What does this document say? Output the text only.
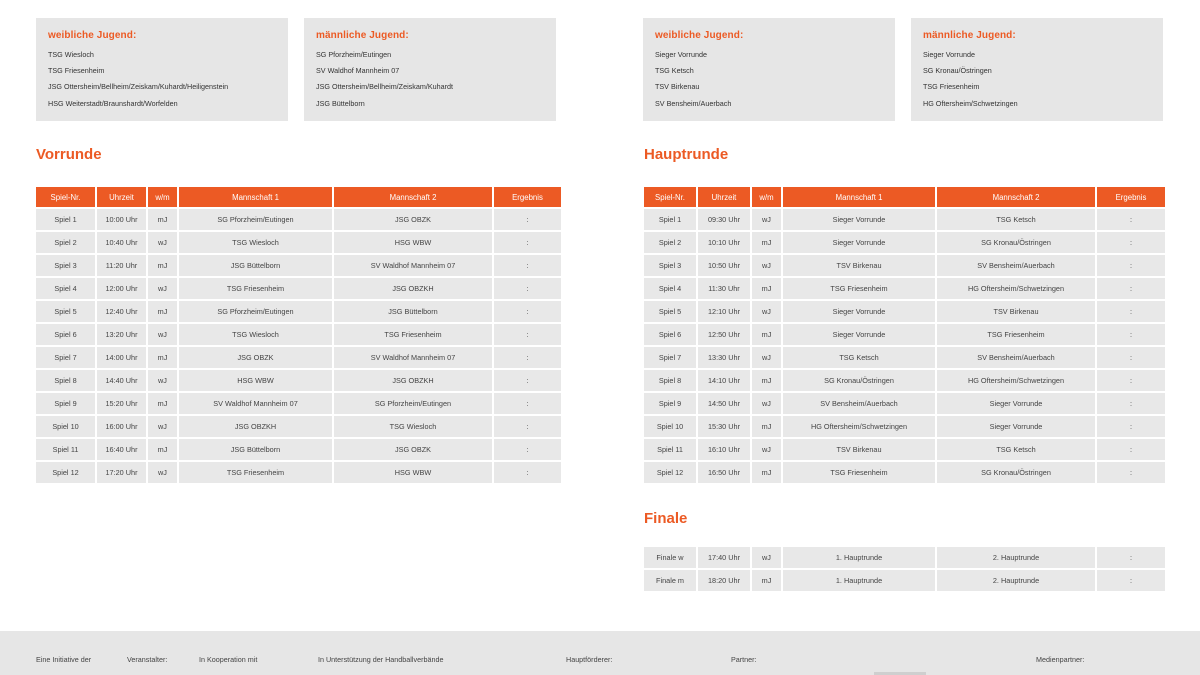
weibliche Jugend:
TSG Wiesloch
TSG Friesenheim
JSG Ottersheim/Bellheim/Zeiskam/Kuhardt/Heiligenstein
HSG Weiterstadt/Braunshardt/Worfelden
männliche Jugend:
SG Pforzheim/Eutingen
SV Waldhof Mannheim 07
JSG Ottersheim/Bellheim/Zeiskam/Kuhardt
JSG Büttelborn
weibliche Jugend:
Sieger Vorrunde
TSG Ketsch
TSV Birkenau
SV Bensheim/Auerbach
männliche Jugend:
Sieger Vorrunde
SG Kronau/Östringen
TSG Friesenheim
HG Oftersheim/Schwetzingen
Vorrunde	Hauptrunde
Finale
Spiel-Nr.	Uhrzeit	w/m	Mannschaft 1	Mannschaft 2	Ergebnis
Spiel 1	10:00 Uhr	mJ	SG Pforzheim/Eutingen	JSG OBZK	:
Spiel 2	10:40 Uhr	wJ	TSG Wiesloch	HSG WBW	:
Spiel 3	11:20 Uhr	mJ	JSG Büttelborn	SV Waldhof Mannheim 07	:
Spiel 4	12:00 Uhr	wJ	TSG Friesenheim	JSG OBZKH	:
Spiel 5	12:40 Uhr	mJ	SG Pforzheim/Eutingen	JSG Büttelborn	:
Spiel 6	13:20 Uhr	wJ	TSG Wiesloch	TSG Friesenheim	:
Spiel 7	14:00 Uhr	mJ	JSG OBZK	SV Waldhof Mannheim 07	:
Spiel 8	14:40 Uhr	wJ	HSG WBW	JSG OBZKH	:
Spiel 9	15:20 Uhr	mJ	SV Waldhof Mannheim 07	SG Pforzheim/Eutingen	:
Spiel 10	16:00 Uhr	wJ	JSG OBZKH	TSG Wiesloch	:
Spiel 11	16:40 Uhr	mJ	JSG Büttelborn	JSG OBZK	:
Spiel 12	17:20 Uhr	wJ	TSG Friesenheim	HSG WBW	:
Spiel-Nr.	Uhrzeit	w/m	Mannschaft 1	Mannschaft 2	Ergebnis
Spiel 1	09:30 Uhr	wJ	Sieger Vorrunde	TSG Ketsch	:
Spiel 2	10:10 Uhr	mJ	Sieger Vorrunde	SG Kronau/Östringen	:
Spiel 3	10:50 Uhr	wJ	TSV Birkenau	SV Bensheim/Auerbach	:
Spiel 4	11:30 Uhr	mJ	TSG Friesenheim	HG Oftersheim/Schwetzingen	:
Spiel 5	12:10 Uhr	wJ	Sieger Vorrunde	TSV Birkenau	:
Spiel 6	12:50 Uhr	mJ	Sieger Vorrunde	TSG Friesenheim	:
Spiel 7	13:30 Uhr	wJ	TSG Ketsch	SV Bensheim/Auerbach	:
Spiel 8	14:10 Uhr	mJ	SG Kronau/Östringen	HG Oftersheim/Schwetzingen	:
Spiel 9	14:50 Uhr	wJ	SV Bensheim/Auerbach	Sieger Vorrunde	:
Spiel 10	15:30 Uhr	mJ	HG Oftersheim/Schwetzingen	Sieger Vorrunde	:
Spiel 11	16:10 Uhr	wJ	TSV Birkenau	TSG Ketsch	:
Spiel 12	16:50 Uhr	mJ	TSG Friesenheim	SG Kronau/Östringen	:
Finale w	17:40 Uhr	wJ	1. Hauptrunde	2. Hauptrunde	:
Finale m	18:20 Uhr	mJ	1. Hauptrunde	2. Hauptrunde	:
Eine Initiative der	Veranstalter:	In Kooperation mit	In Unterstützung der Handballverbände	Hauptförderer:	Partner:	Medienpartner:
